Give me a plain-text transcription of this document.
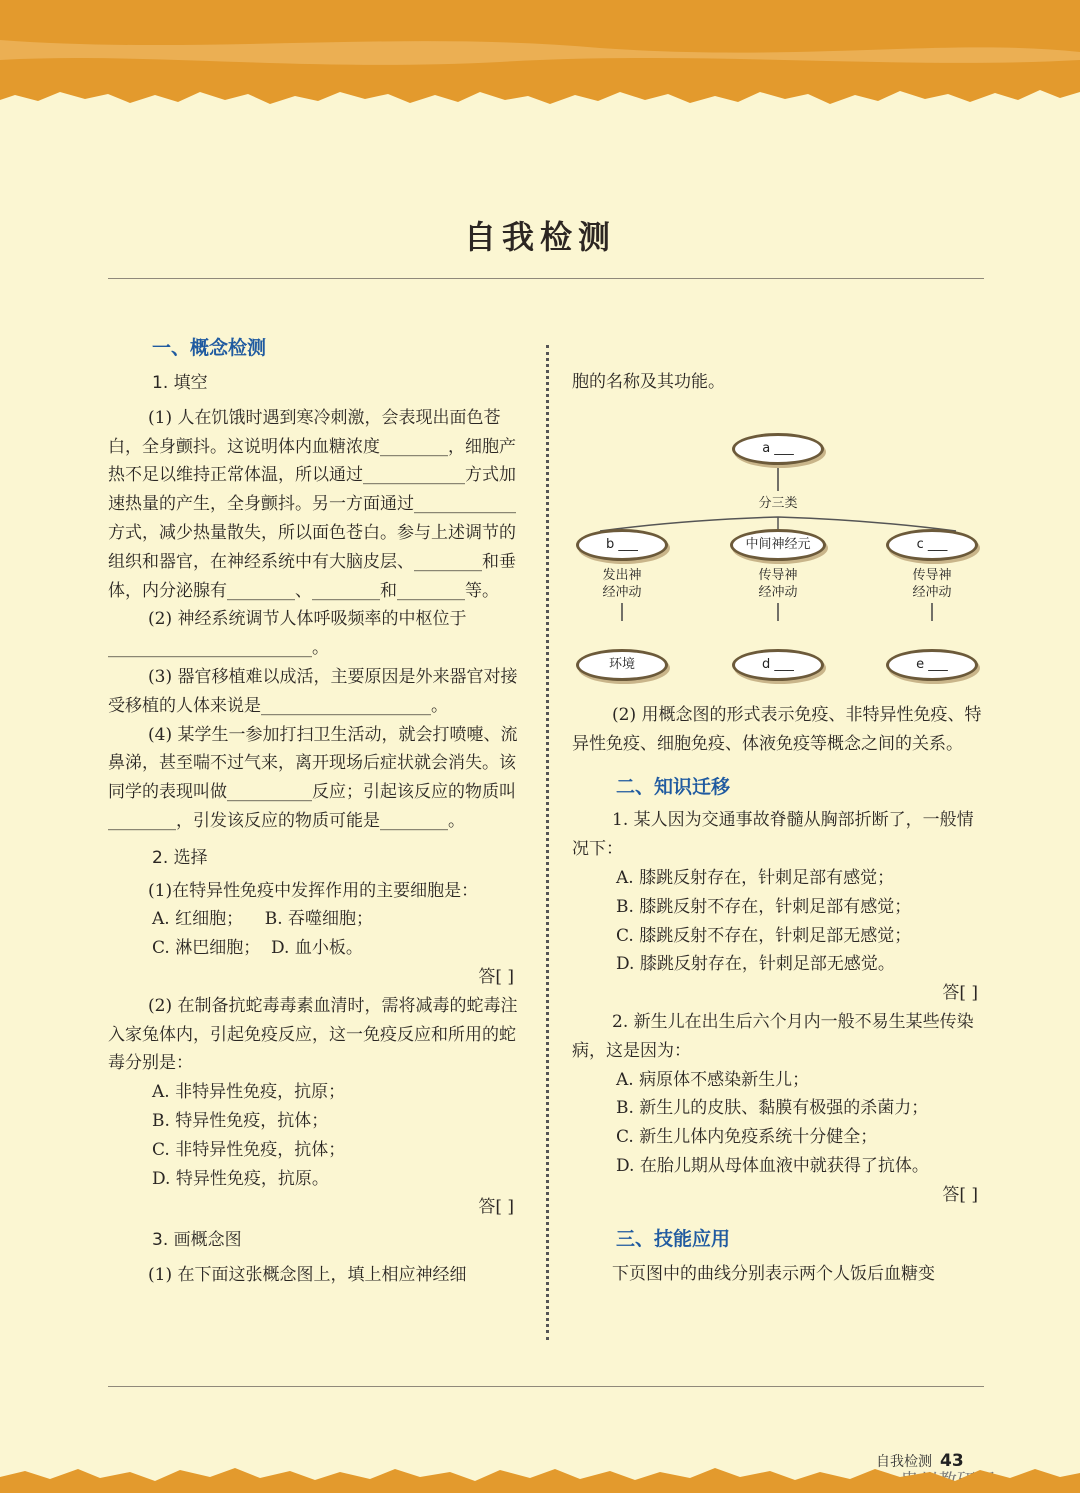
自我检测

一、概念检测

1. 填空

(1) 人在饥饿时遇到寒冷刺激，会表现出面色苍白，全身颤抖。这说明体内血糖浓度________，细胞产热不足以维持正常体温，所以通过____________方式加速热量的产生，全身颤抖。另一方面通过____________方式，减少热量散失，所以面色苍白。参与上述调节的组织和器官，在神经系统中有大脑皮层、________和垂体，内分泌腺有________、________和________等。

(2) 神经系统调节人体呼吸频率的中枢位于________________________。

(3) 器官移植难以成活，主要原因是外来器官对接受移植的人体来说是____________________。

(4) 某学生一参加打扫卫生活动，就会打喷嚏、流鼻涕，甚至喘不过气来，离开现场后症状就会消失。该同学的表现叫做__________反应；引起该反应的物质叫________，引发该反应的物质可能是________。

2. 选择

(1)在特异性免疫中发挥作用的主要细胞是：

A. 红细胞；    B. 吞噬细胞；

C. 淋巴细胞；  D. 血小板。

答[ ]

(2) 在制备抗蛇毒毒素血清时，需将减毒的蛇毒注入家兔体内，引起免疫反应，这一免疫反应和所用的蛇毒分别是：

A. 非特异性免疫，抗原；

B. 特异性免疫，抗体；

C. 非特异性免疫，抗体；

D. 特异性免疫，抗原。

答[ ]

3. 画概念图

(1) 在下面这张概念图上，填上相应神经细

胞的名称及其功能。

a ___
分三类
b ___	中间神经元	c ___
发出神
经冲动
传导神
经冲动
传导神
经冲动
环境	d ___	e ___

(2) 用概念图的形式表示免疫、非特异性免疫、特异性免疫、细胞免疫、体液免疫等概念之间的关系。

二、知识迁移

1. 某人因为交通事故脊髓从胸部折断了，一般情况下：

A. 膝跳反射存在，针刺足部有感觉；

B. 膝跳反射不存在，针刺足部有感觉；

C. 膝跳反射不存在，针刺足部无感觉；

D. 膝跳反射存在，针刺足部无感觉。

答[ ]

2. 新生儿在出生后六个月内一般不易生某些传染病，这是因为：

A. 病原体不感染新生儿；

B. 新生儿的皮肤、黏膜有极强的杀菌力；

C. 新生儿体内免疫系统十分健全；

D. 在胎儿期从母体血液中就获得了抗体。

答[ ]

三、技能应用

下页图中的曲线分别表示两个人饭后血糖变

自我检测 43
